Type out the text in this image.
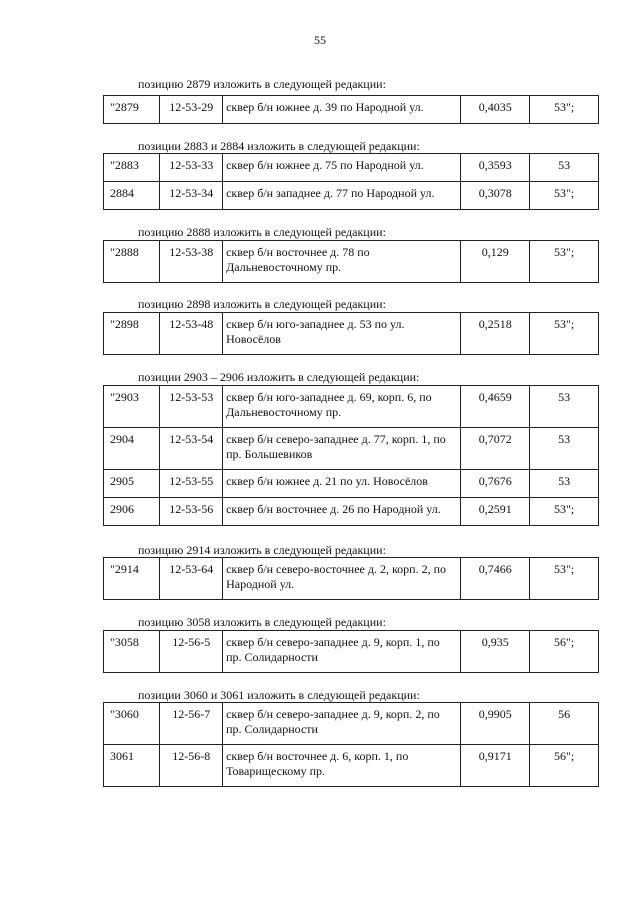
55
позицию 2879 изложить в следующей редакции:
"2879	12-53-29	сквер б/н южнее д. 39 по Народной ул.	0,4035	53";
позиции 2883 и 2884 изложить в следующей редакции:
"2883	12-53-33	сквер б/н южнее д. 75 по Народной ул.	0,3593	53
2884	12-53-34	сквер б/н западнее д. 77 по Народной ул.	0,3078	53";
позицию 2888 изложить в следующей редакции:
"2888	12-53-38	сквер б/н восточнее д. 78 по Дальневосточному пр.	0,129	53";
позицию 2898 изложить в следующей редакции:
"2898	12-53-48	сквер б/н юго-западнее д. 53 по ул. Новосёлов	0,2518	53";
позиции 2903 – 2906 изложить в следующей редакции:
"2903	12-53-53	сквер б/н юго-западнее д. 69, корп. 6, по Дальневосточному пр.	0,4659	53
2904	12-53-54	сквер б/н северо-западнее д. 77, корп. 1, по пр. Большевиков	0,7072	53
2905	12-53-55	сквер б/н южнее д. 21 по ул. Новосёлов	0,7676	53
2906	12-53-56	сквер б/н восточнее д. 26 по Народной ул.	0,2591	53";
позицию 2914 изложить в следующей редакции:
"2914	12-53-64	сквер б/н северо-восточнее д. 2, корп. 2, по Народной ул.	0,7466	53";
позицию 3058 изложить в следующей редакции:
"3058	12-56-5	сквер б/н северо-западнее д. 9, корп. 1, по пр. Солидарности	0,935	56";
позиции 3060 и 3061 изложить в следующей редакции:
"3060	12-56-7	сквер б/н северо-западнее д. 9, корп. 2, по пр. Солидарности	0,9905	56
3061	12-56-8	сквер б/н восточнее д. 6, корп. 1, по Товарищескому пр.	0,9171	56";
